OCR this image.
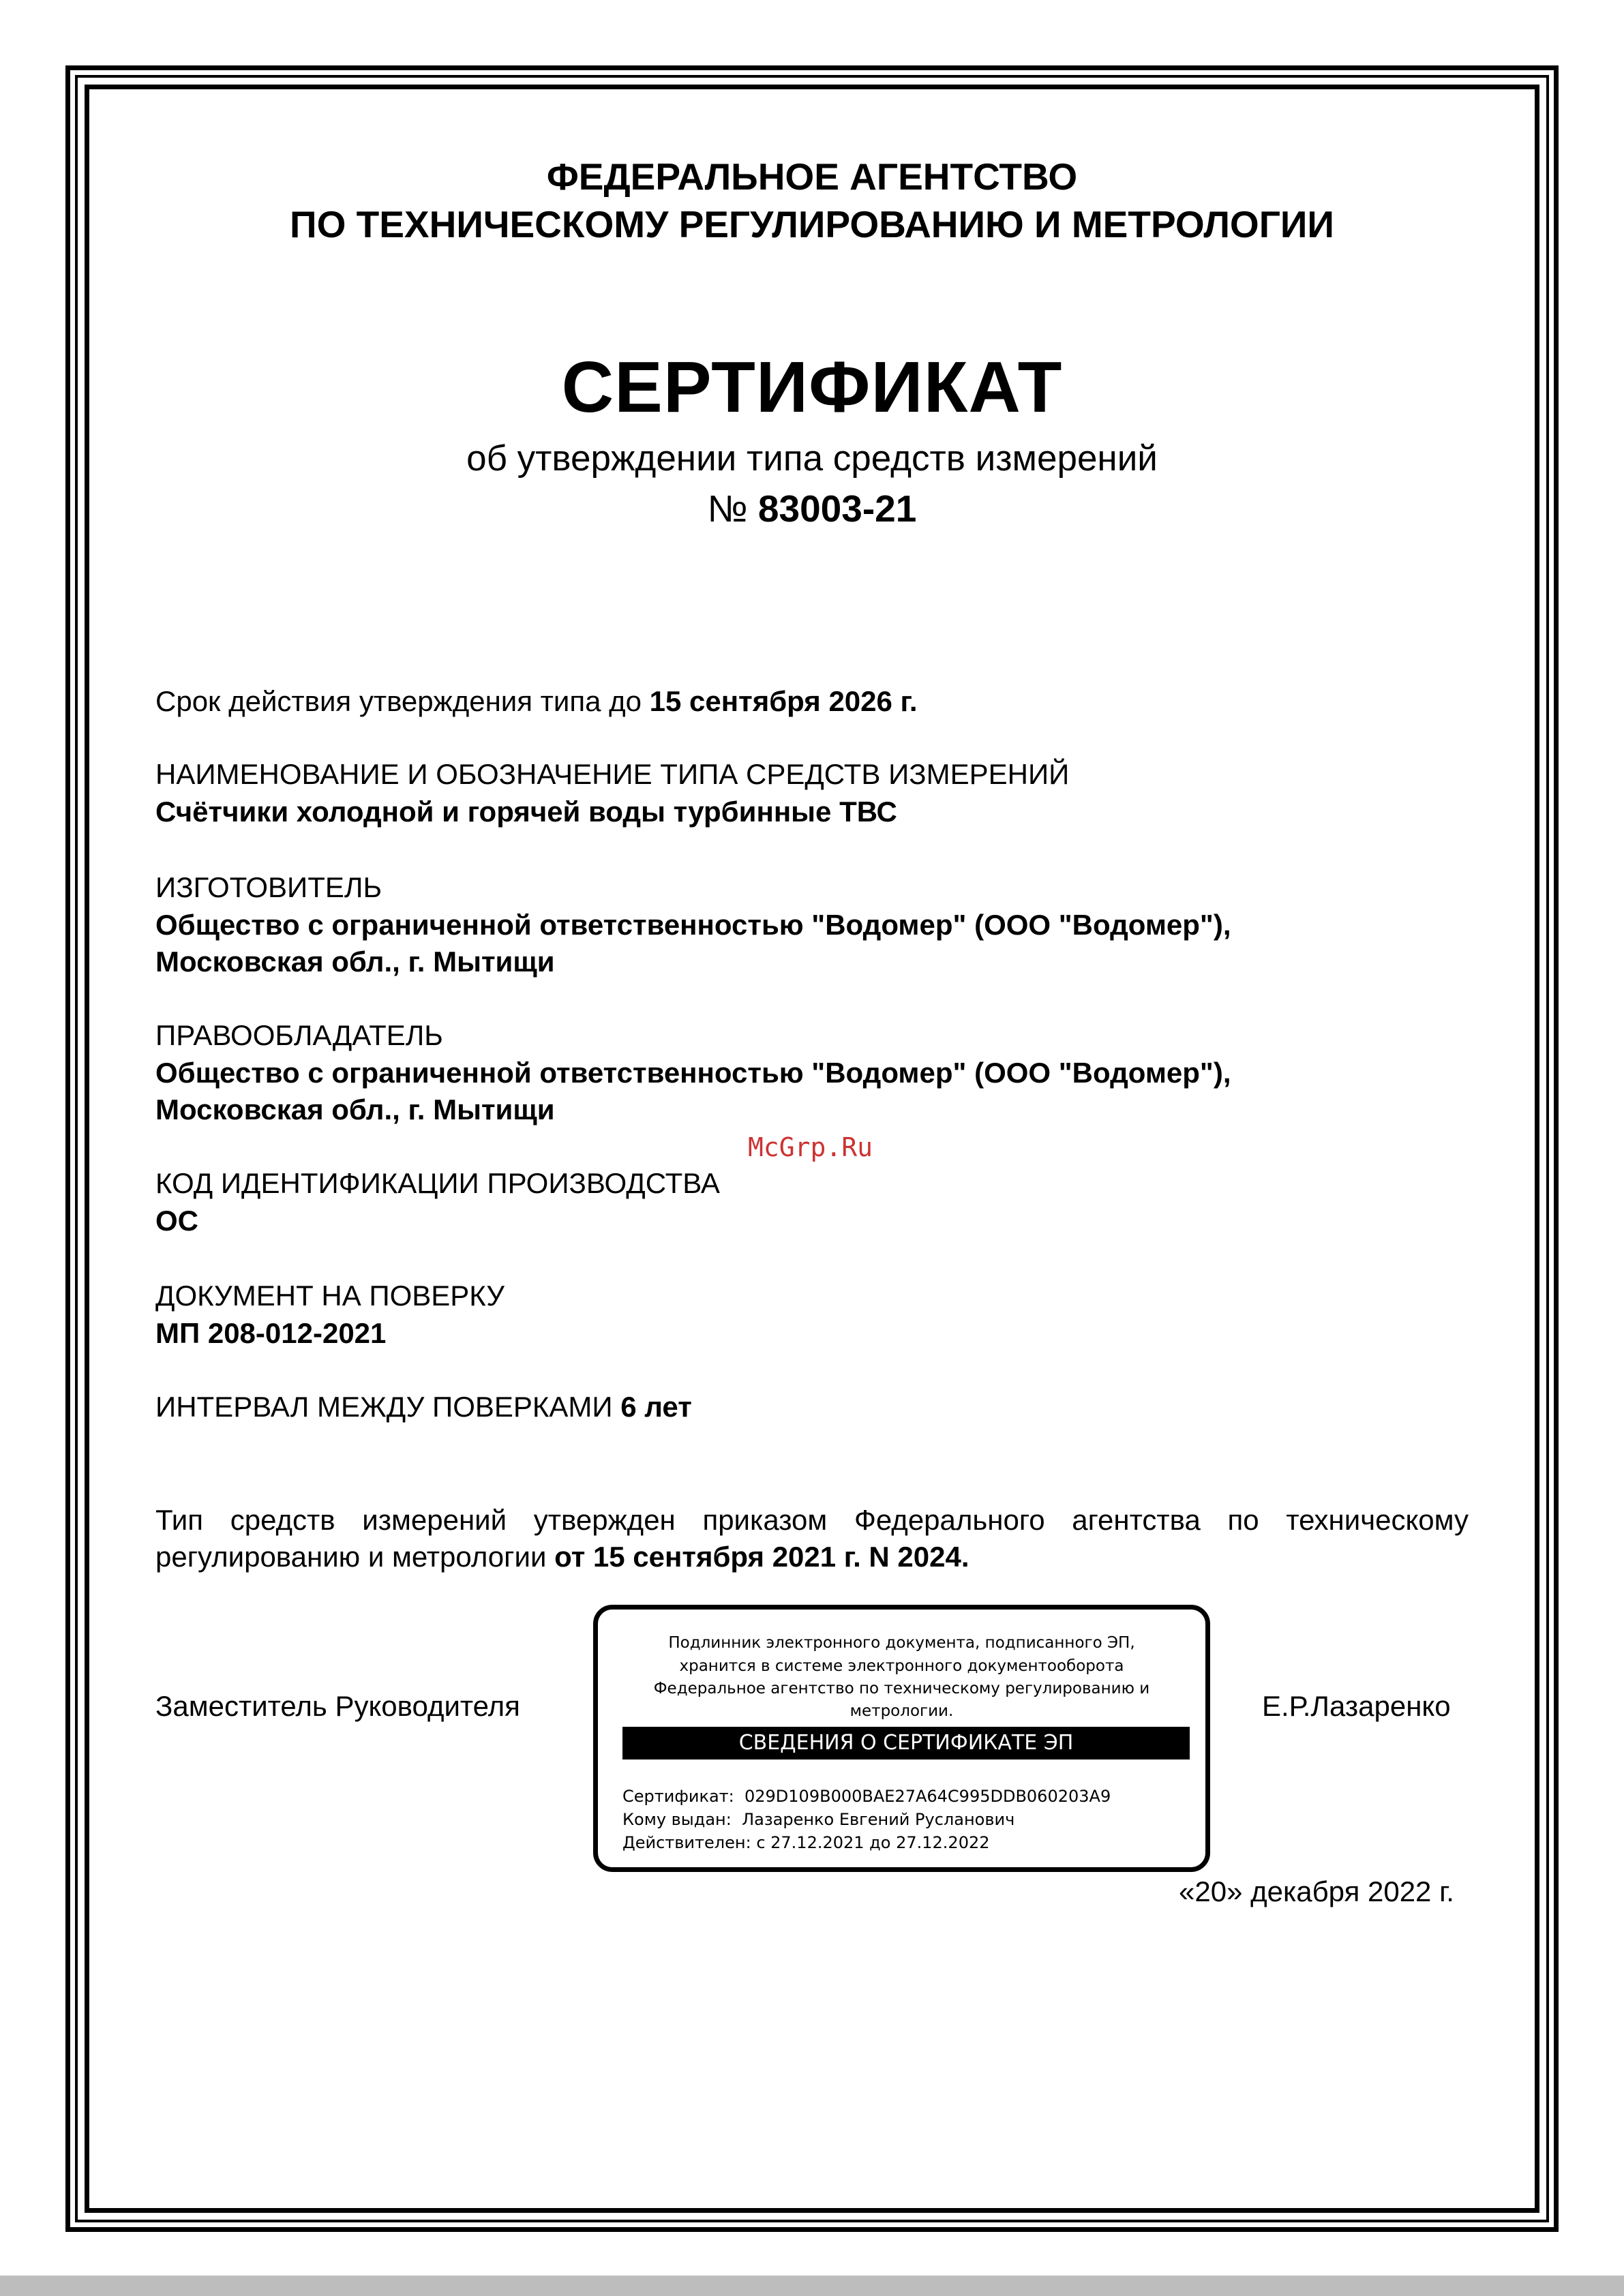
ФЕДЕРАЛЬНОЕ АГЕНТСТВО
ПО ТЕХНИЧЕСКОМУ РЕГУЛИРОВАНИЮ И МЕТРОЛОГИИ
СЕРТИФИКАТ
об утверждении типа средств измерений
№ 83003-21
Срок действия утверждения типа до 15 сентября 2026 г.
НАИМЕНОВАНИЕ И ОБОЗНАЧЕНИЕ ТИПА СРЕДСТВ ИЗМЕРЕНИЙ
Счётчики холодной и горячей воды турбинные ТВС
ИЗГОТОВИТЕЛЬ
Общество с ограниченной ответственностью "Водомер" (ООО "Водомер"),
Московская обл., г. Мытищи
ПРАВООБЛАДАТЕЛЬ
Общество с ограниченной ответственностью "Водомер" (ООО "Водомер"),
Московская обл., г. Мытищи
McGrp.Ru
КОД ИДЕНТИФИКАЦИИ ПРОИЗВОДСТВА
ОС
ДОКУМЕНТ НА ПОВЕРКУ
МП 208-012-2021
ИНТЕРВАЛ МЕЖДУ ПОВЕРКАМИ 6 лет
Тип средств измерений утвержден приказом Федерального агентства по техническому
регулированию и метрологии от 15 сентября 2021 г. N 2024.
Заместитель Руководителя	Е.Р.Лазаренко
Подлинник электронного документа, подписанного ЭП,
хранится в системе электронного документооборота
Федеральное агентство по техническому регулированию и
метрологии.
СВЕДЕНИЯ О СЕРТИФИКАТЕ ЭП
Сертификат: 029D109B000BAE27A64C995DDB060203A9
Кому выдан: Лазаренко Евгений Русланович
Действителен: с 27.12.2021 до 27.12.2022
«20» декабря 2022 г.
